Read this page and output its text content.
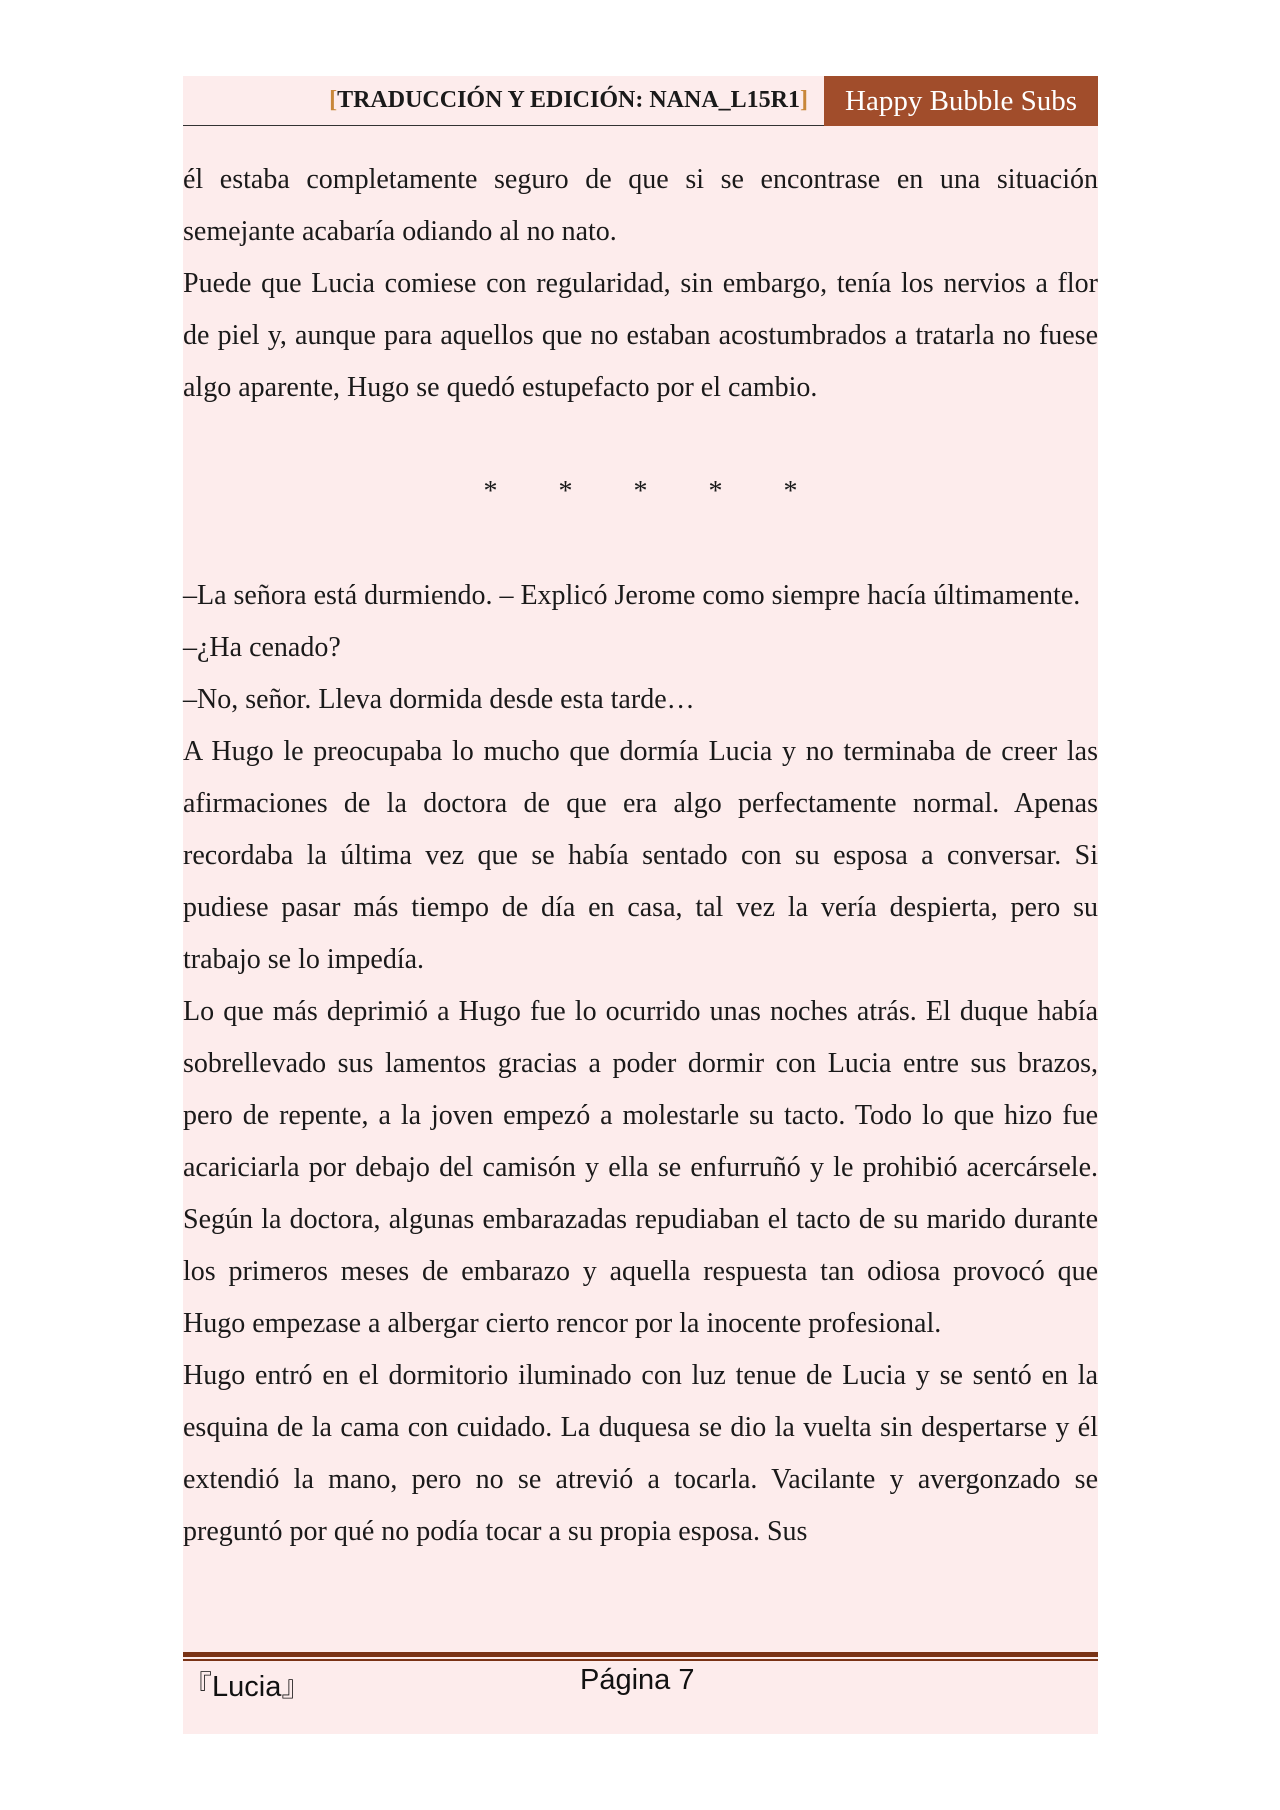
[TRADUCCIÓN Y EDICIÓN: NANA_L15R1]	Happy Bubble Subs

él estaba completamente seguro de que si se encontrase en una situación semejante acabaría odiando al no nato.

Puede que Lucia comiese con regularidad, sin embargo, tenía los nervios a flor de piel y, aunque para aquellos que no estaban acostumbrados a tratarla no fuese algo aparente, Hugo se quedó estupefacto por el cambio.

* * * * *

–La señora está durmiendo. – Explicó Jerome como siempre hacía últimamente.

–¿Ha cenado?

–No, señor. Lleva dormida desde esta tarde…

A Hugo le preocupaba lo mucho que dormía Lucia y no terminaba de creer las afirmaciones de la doctora de que era algo perfectamente normal. Apenas recordaba la última vez que se había sentado con su esposa a conversar. Si pudiese pasar más tiempo de día en casa, tal vez la vería despierta, pero su trabajo se lo impedía.

Lo que más deprimió a Hugo fue lo ocurrido unas noches atrás. El duque había sobrellevado sus lamentos gracias a poder dormir con Lucia entre sus brazos, pero de repente, a la joven empezó a molestarle su tacto. Todo lo que hizo fue acariciarla por debajo del camisón y ella se enfurruñó y le prohibió acercársele. Según la doctora, algunas embarazadas repudiaban el tacto de su marido durante los primeros meses de embarazo y aquella respuesta tan odiosa provocó que Hugo empezase a albergar cierto rencor por la inocente profesional.

Hugo entró en el dormitorio iluminado con luz tenue de Lucia y se sentó en la esquina de la cama con cuidado. La duquesa se dio la vuelta sin despertarse y él extendió la mano, pero no se atrevió a tocarla. Vacilante y avergonzado se preguntó por qué no podía tocar a su propia esposa. Sus

『Lucia』	Página 7
